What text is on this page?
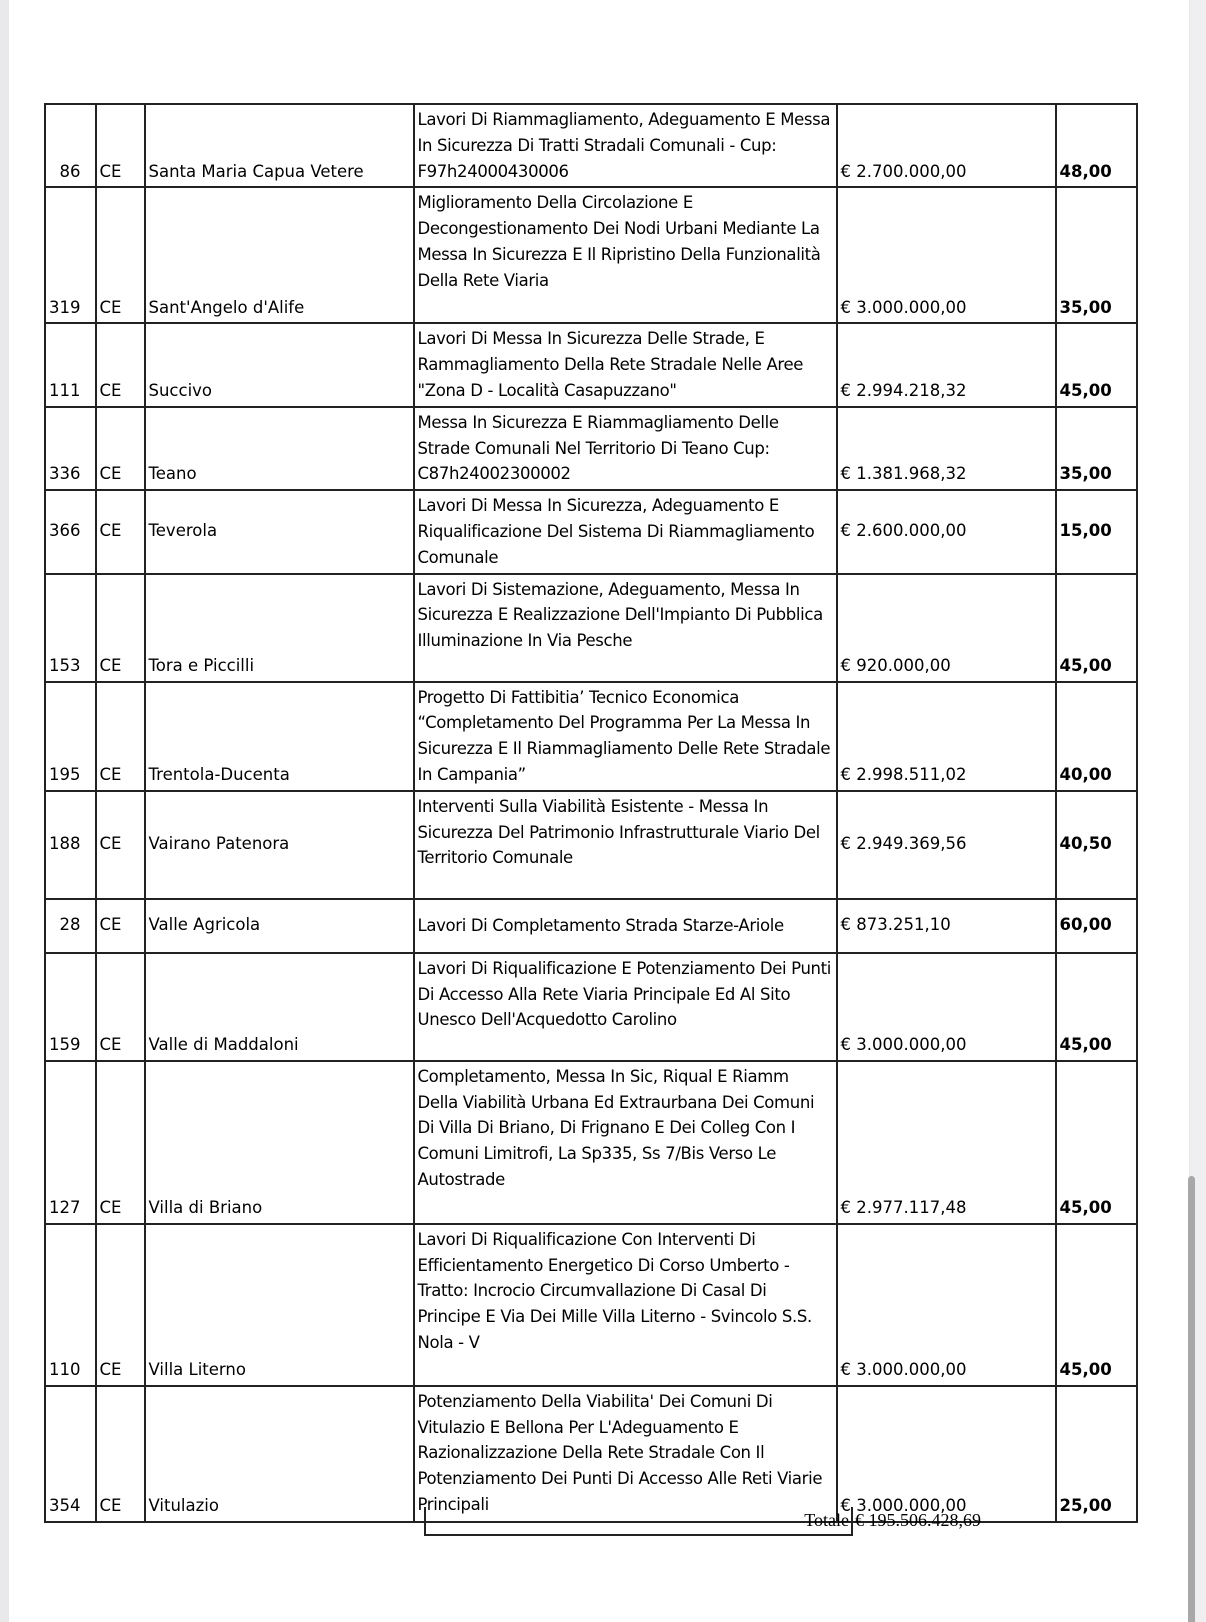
86	CE	Santa Maria Capua Vetere	Lavori Di Riammagliamento, Adeguamento E Messa In Sicurezza Di Tratti Stradali Comunali - Cup: F97h24000430006	€ 2.700.000,00	48,00
319	CE	Sant'Angelo d'Alife	Miglioramento Della Circolazione E Decongestionamento Dei Nodi Urbani Mediante La Messa In Sicurezza E Il Ripristino Della Funzionalità Della Rete Viaria	€ 3.000.000,00	35,00
111	CE	Succivo	Lavori Di Messa In Sicurezza Delle Strade, E Rammagliamento Della Rete Stradale Nelle Aree "Zona D - Località Casapuzzano"	€ 2.994.218,32	45,00
336	CE	Teano	Messa In Sicurezza E Riammagliamento Delle Strade Comunali Nel Territorio Di Teano Cup: C87h24002300002	€ 1.381.968,32	35,00
366	CE	Teverola	Lavori Di Messa In Sicurezza, Adeguamento E Riqualificazione Del Sistema Di Riammagliamento Comunale	€ 2.600.000,00	15,00
153	CE	Tora e Piccilli	Lavori Di Sistemazione, Adeguamento, Messa In Sicurezza E Realizzazione Dell'Impianto Di Pubblica Illuminazione In Via Pesche	€ 920.000,00	45,00
195	CE	Trentola-Ducenta	Progetto Di Fattibitia’ Tecnico Economica “Completamento Del Programma Per La Messa In Sicurezza E Il Riammagliamento Delle Rete Stradale In Campania”	€ 2.998.511,02	40,00
188	CE	Vairano Patenora	Interventi Sulla Viabilità Esistente - Messa In Sicurezza Del Patrimonio Infrastrutturale Viario Del Territorio Comunale	€ 2.949.369,56	40,50
28	CE	Valle Agricola	Lavori Di Completamento Strada Starze-Ariole	€ 873.251,10	60,00
159	CE	Valle di Maddaloni	Lavori Di Riqualificazione E Potenziamento Dei Punti Di Accesso Alla Rete Viaria Principale Ed Al Sito Unesco Dell'Acquedotto Carolino	€ 3.000.000,00	45,00
127	CE	Villa di Briano	Completamento, Messa In Sic, Riqual E Riamm Della Viabilità Urbana Ed Extraurbana Dei Comuni Di Villa Di Briano, Di Frignano E Dei Colleg Con I Comuni Limitrofi, La Sp335, Ss 7/Bis Verso Le Autostrade	€ 2.977.117,48	45,00
110	CE	Villa Literno	Lavori Di Riqualificazione Con Interventi Di Efficientamento Energetico Di Corso Umberto - Tratto: Incrocio Circumvallazione Di Casal Di Principe E Via Dei Mille Villa Literno - Svincolo S.S. Nola - V	€ 3.000.000,00	45,00
354	CE	Vitulazio	Potenziamento Della Viabilita' Dei Comuni Di Vitulazio E Bellona Per L'Adeguamento E Razionalizzazione Della Rete Stradale Con Il Potenziamento Dei Punti Di Accesso Alle Reti Viarie Principali	€ 3.000.000,00	25,00
Totale € 195.506.428,69
